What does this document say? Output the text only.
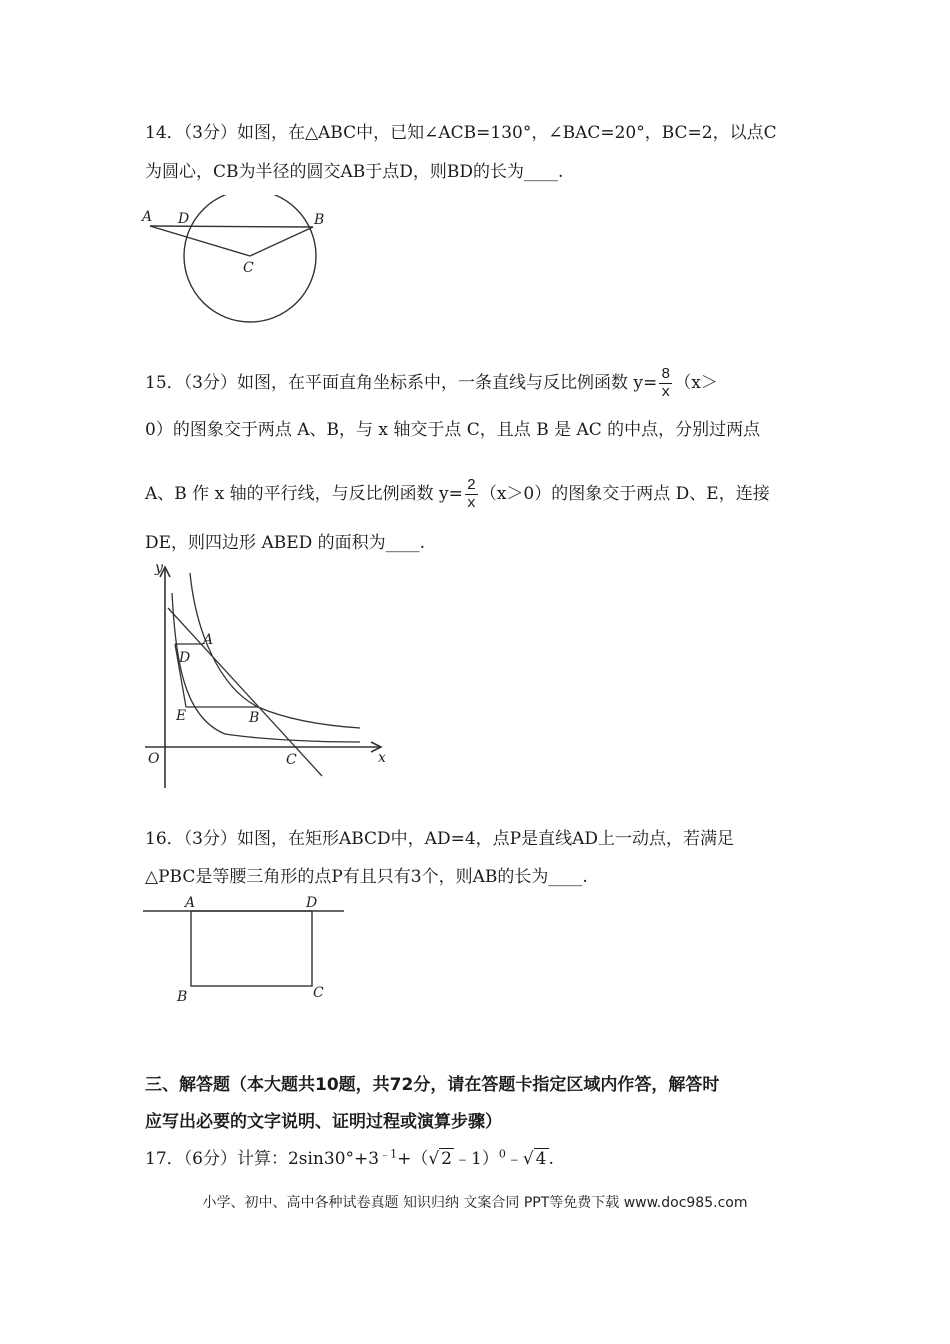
14．（3分）如图，在△ABC中，已知∠ACB=130°，∠BAC=20°，BC=2，以点C
为圆心，CB为半径的圆交AB于点D，则BD的长为____.
A D	B
C
15．（3分）如图，在平面直角坐标系中，一条直线与反比例函数 $y= \frac{8}{x} (x>$
0）的图象交于两点 A、B，与 x 轴交于点 C，且点 B 是 AC 的中点，分别过两点
A、B 作 x 轴的平行线，与反比例函数 $y= \frac{2}{x} (x>0)$的图象交于两点 D、E，连接
DE，则四边形 ABED 的面积为____.
y
x
O
A
D
E	B
C
16．（3分）如图，在矩形ABCD中，AD=4，点P是直线AD上一动点，若满足
△PBC是等腰三角形的点P有且只有3个，则AB的长为____.
A	D
B	C
三、解答题（本大题共10题，共72分，请在答题卡指定区域内作答，解答时
应写出必要的文字说明、证明过程或演算步骤）
17．（6分）计算：$2\sin 30^\circ+3^{﹣1}+(√$ 2 ﹣1）$^0$﹣√ 4 .
小学、初中、高中各种试卷真题 知识归纳 文案合同 PPT等免费下载 www.doc985.com
